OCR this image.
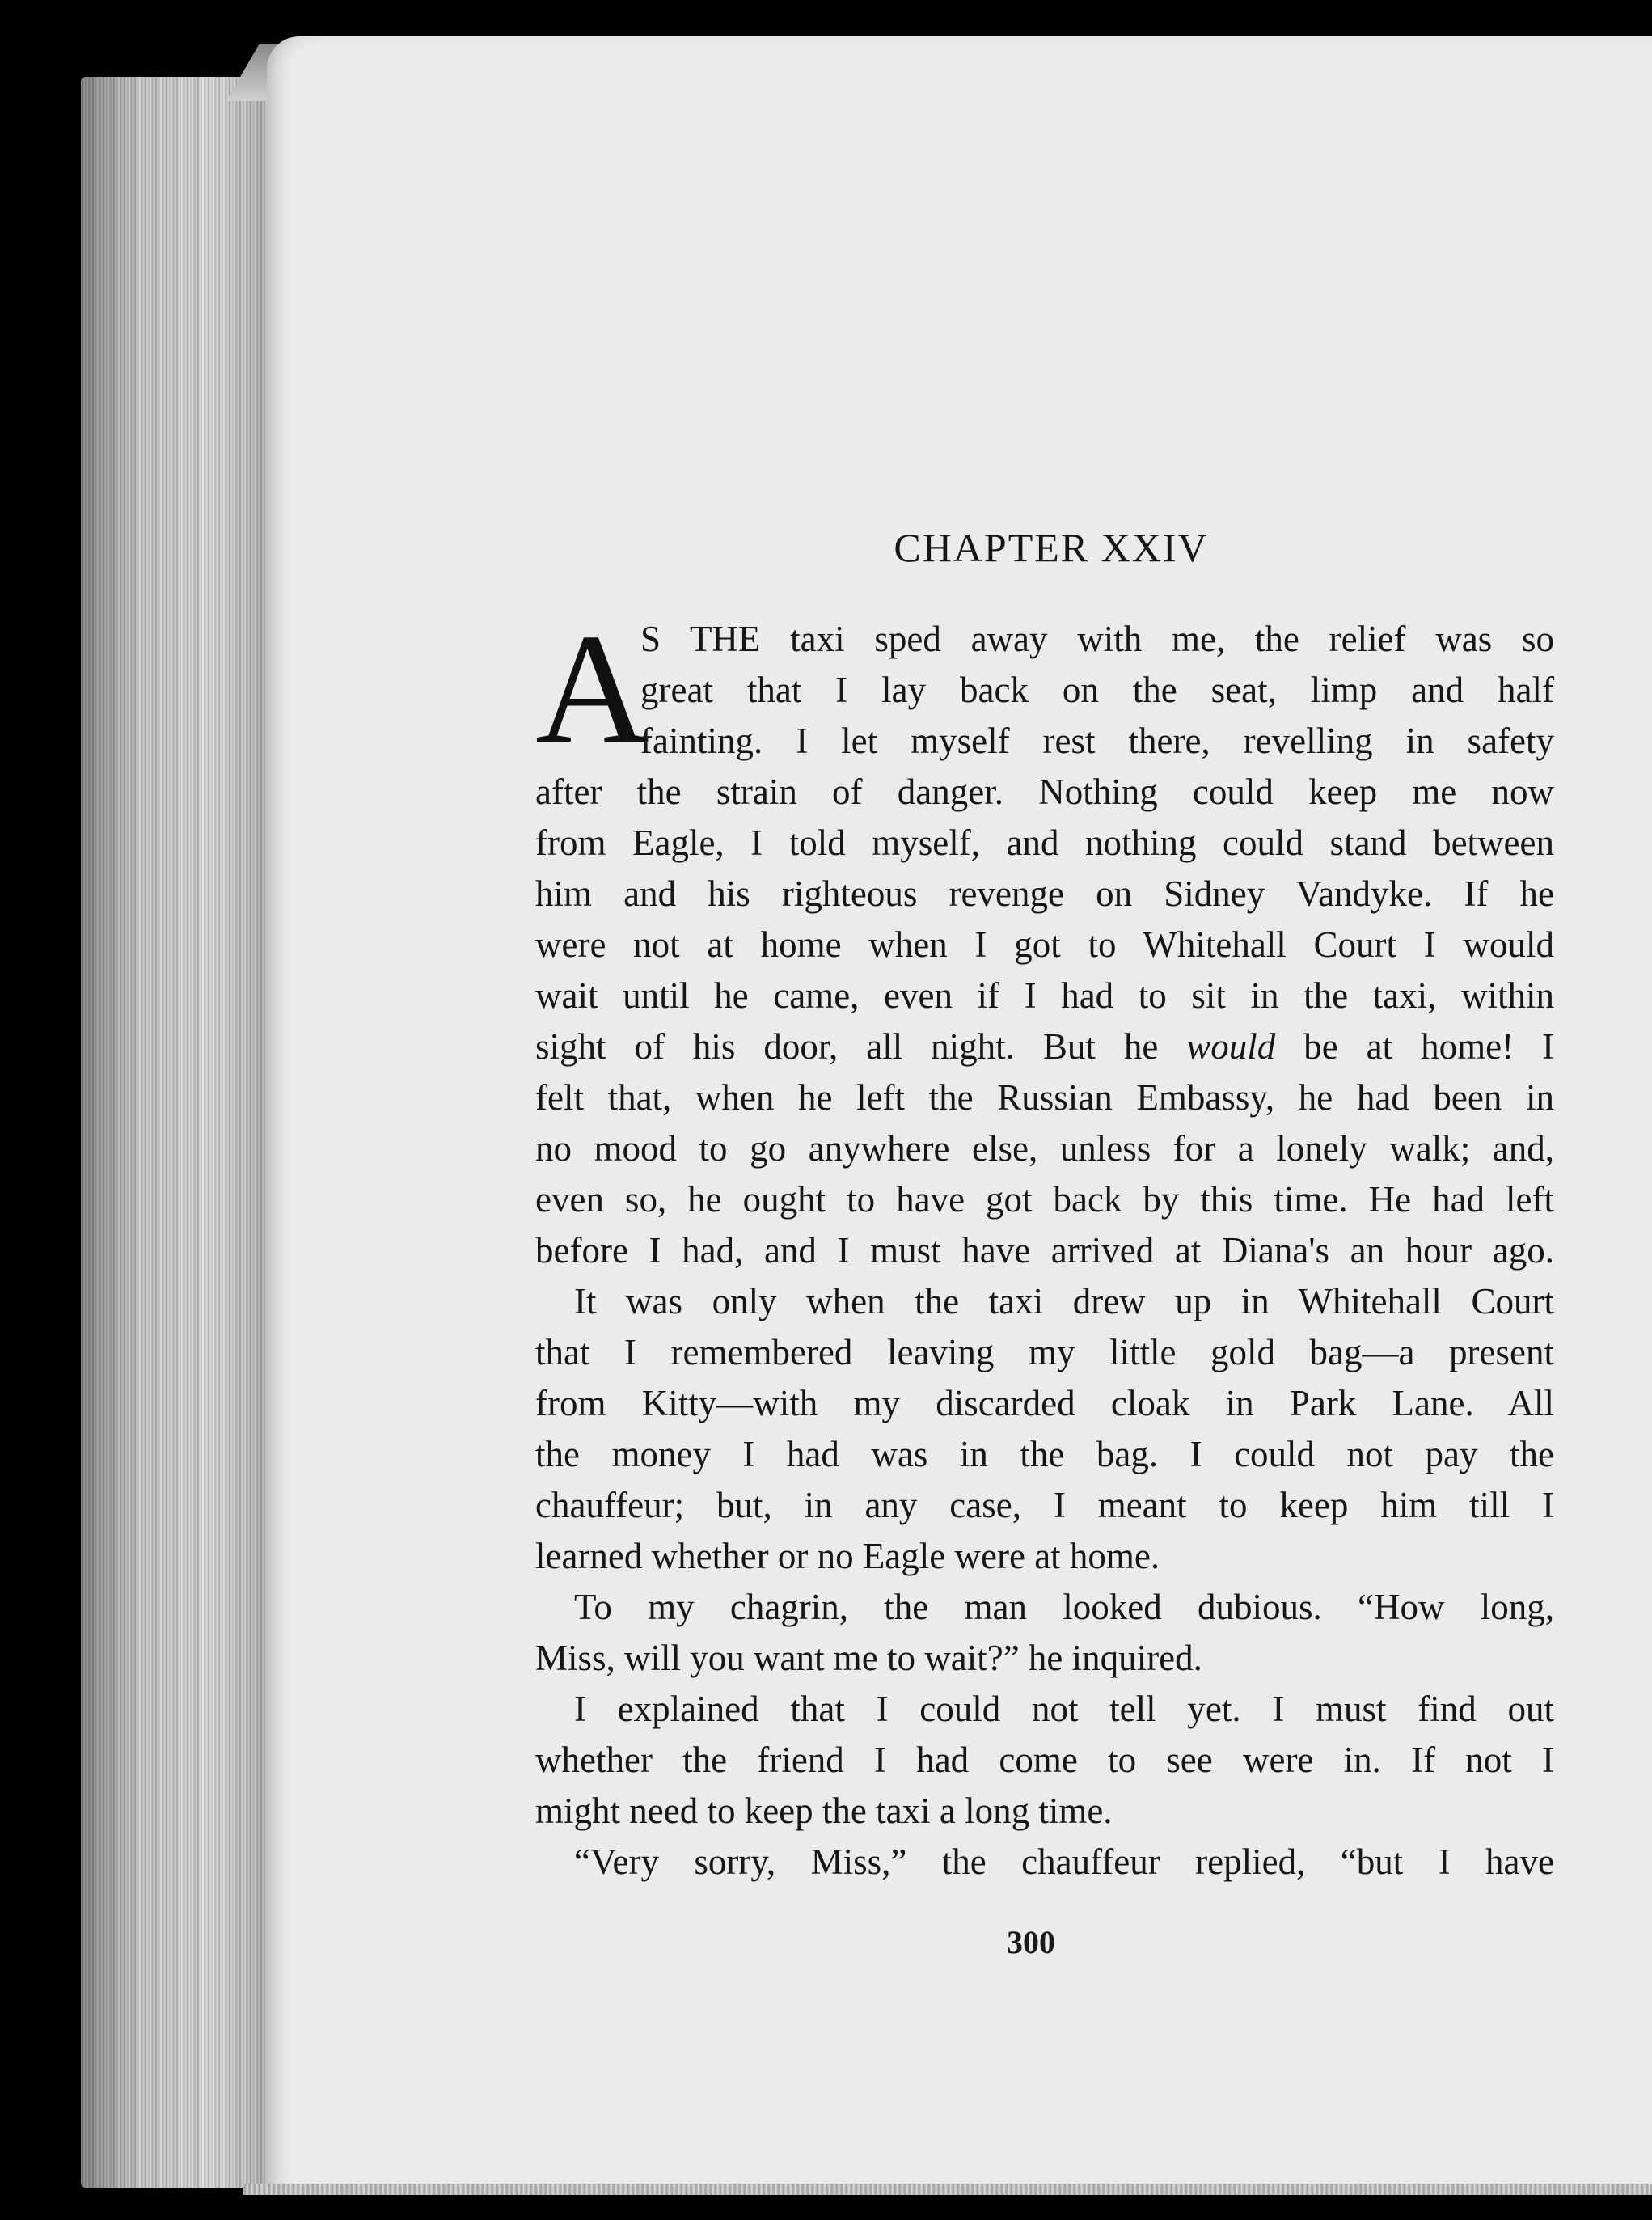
CHAPTER XXIV
A
S THE taxi sped away with me, the relief was so
great that I lay back on the seat, limp and half
fainting. I let myself rest there, revelling in safety
after the strain of danger. Nothing could keep me now
from Eagle, I told myself, and nothing could stand between
him and his righteous revenge on Sidney Vandyke. If he
were not at home when I got to Whitehall Court I would
wait until he came, even if I had to sit in the taxi, within
sight of his door, all night. But he would be at home! I
felt that, when he left the Russian Embassy, he had been in
no mood to go anywhere else, unless for a lonely walk; and,
even so, he ought to have got back by this time. He had left
before I had, and I must have arrived at Diana's an hour ago.
It was only when the taxi drew up in Whitehall Court
that I remembered leaving my little gold bag—a present
from Kitty—with my discarded cloak in Park Lane. All
the money I had was in the bag. I could not pay the
chauffeur; but, in any case, I meant to keep him till I
learned whether or no Eagle were at home.
To my chagrin, the man looked dubious. “How long,
Miss, will you want me to wait?” he inquired.
I explained that I could not tell yet. I must find out
whether the friend I had come to see were in. If not I
might need to keep the taxi a long time.
“Very sorry, Miss,” the chauffeur replied, “but I have

300
